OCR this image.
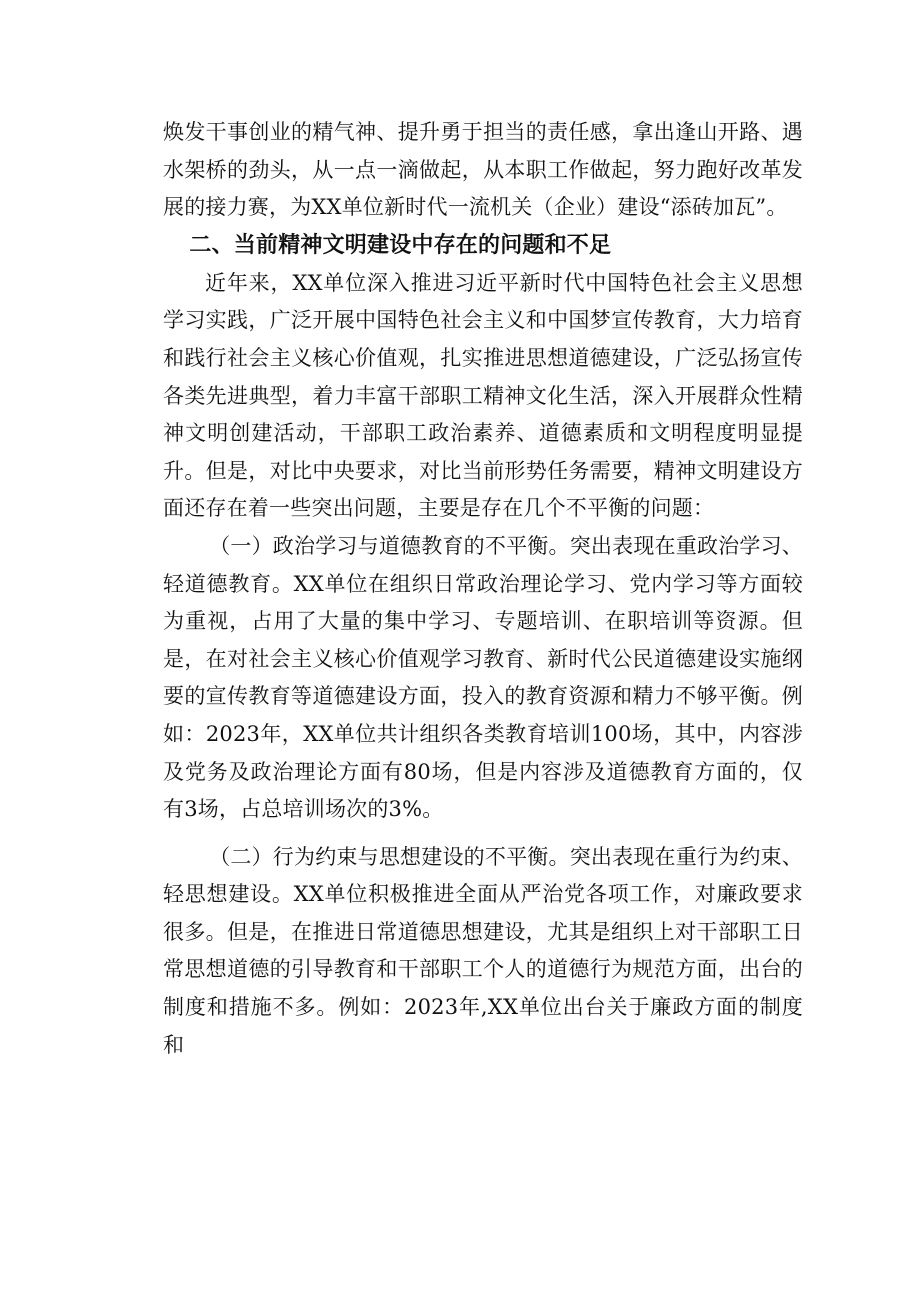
焕发干事创业的精气神、提升勇于担当的责任感，拿出逢山开路、遇水架桥的劲头，从一点一滴做起，从本职工作做起，努力跑好改革发展的接力赛，为XX单位新时代一流机关（企业）建设“添砖加瓦”。

二、当前精神文明建设中存在的问题和不足

近年来，XX单位深入推进习近平新时代中国特色社会主义思想学习实践，广泛开展中国特色社会主义和中国梦宣传教育，大力培育和践行社会主义核心价值观，扎实推进思想道德建设，广泛弘扬宣传各类先进典型，着力丰富干部职工精神文化生活，深入开展群众性精神文明创建活动，干部职工政治素养、道德素质和文明程度明显提升。但是，对比中央要求，对比当前形势任务需要，精神文明建设方面还存在着一些突出问题，主要是存在几个不平衡的问题：

（一）政治学习与道德教育的不平衡。突出表现在重政治学习、轻道德教育。XX单位在组织日常政治理论学习、党内学习等方面较为重视，占用了大量的集中学习、专题培训、在职培训等资源。但是，在对社会主义核心价值观学习教育、新时代公民道德建设实施纲要的宣传教育等道德建设方面，投入的教育资源和精力不够平衡。例如：2023年，XX单位共计组织各类教育培训100场，其中，内容涉及党务及政治理论方面有80场，但是内容涉及道德教育方面的，仅有3场，占总培训场次的3%。

（二）行为约束与思想建设的不平衡。突出表现在重行为约束、轻思想建设。XX单位积极推进全面从严治党各项工作，对廉政要求很多。但是，在推进日常道德思想建设，尤其是组织上对干部职工日常思想道德的引导教育和干部职工个人的道德行为规范方面，出台的制度和措施不多。例如：2023年,XX单位出台关于廉政方面的制度和
